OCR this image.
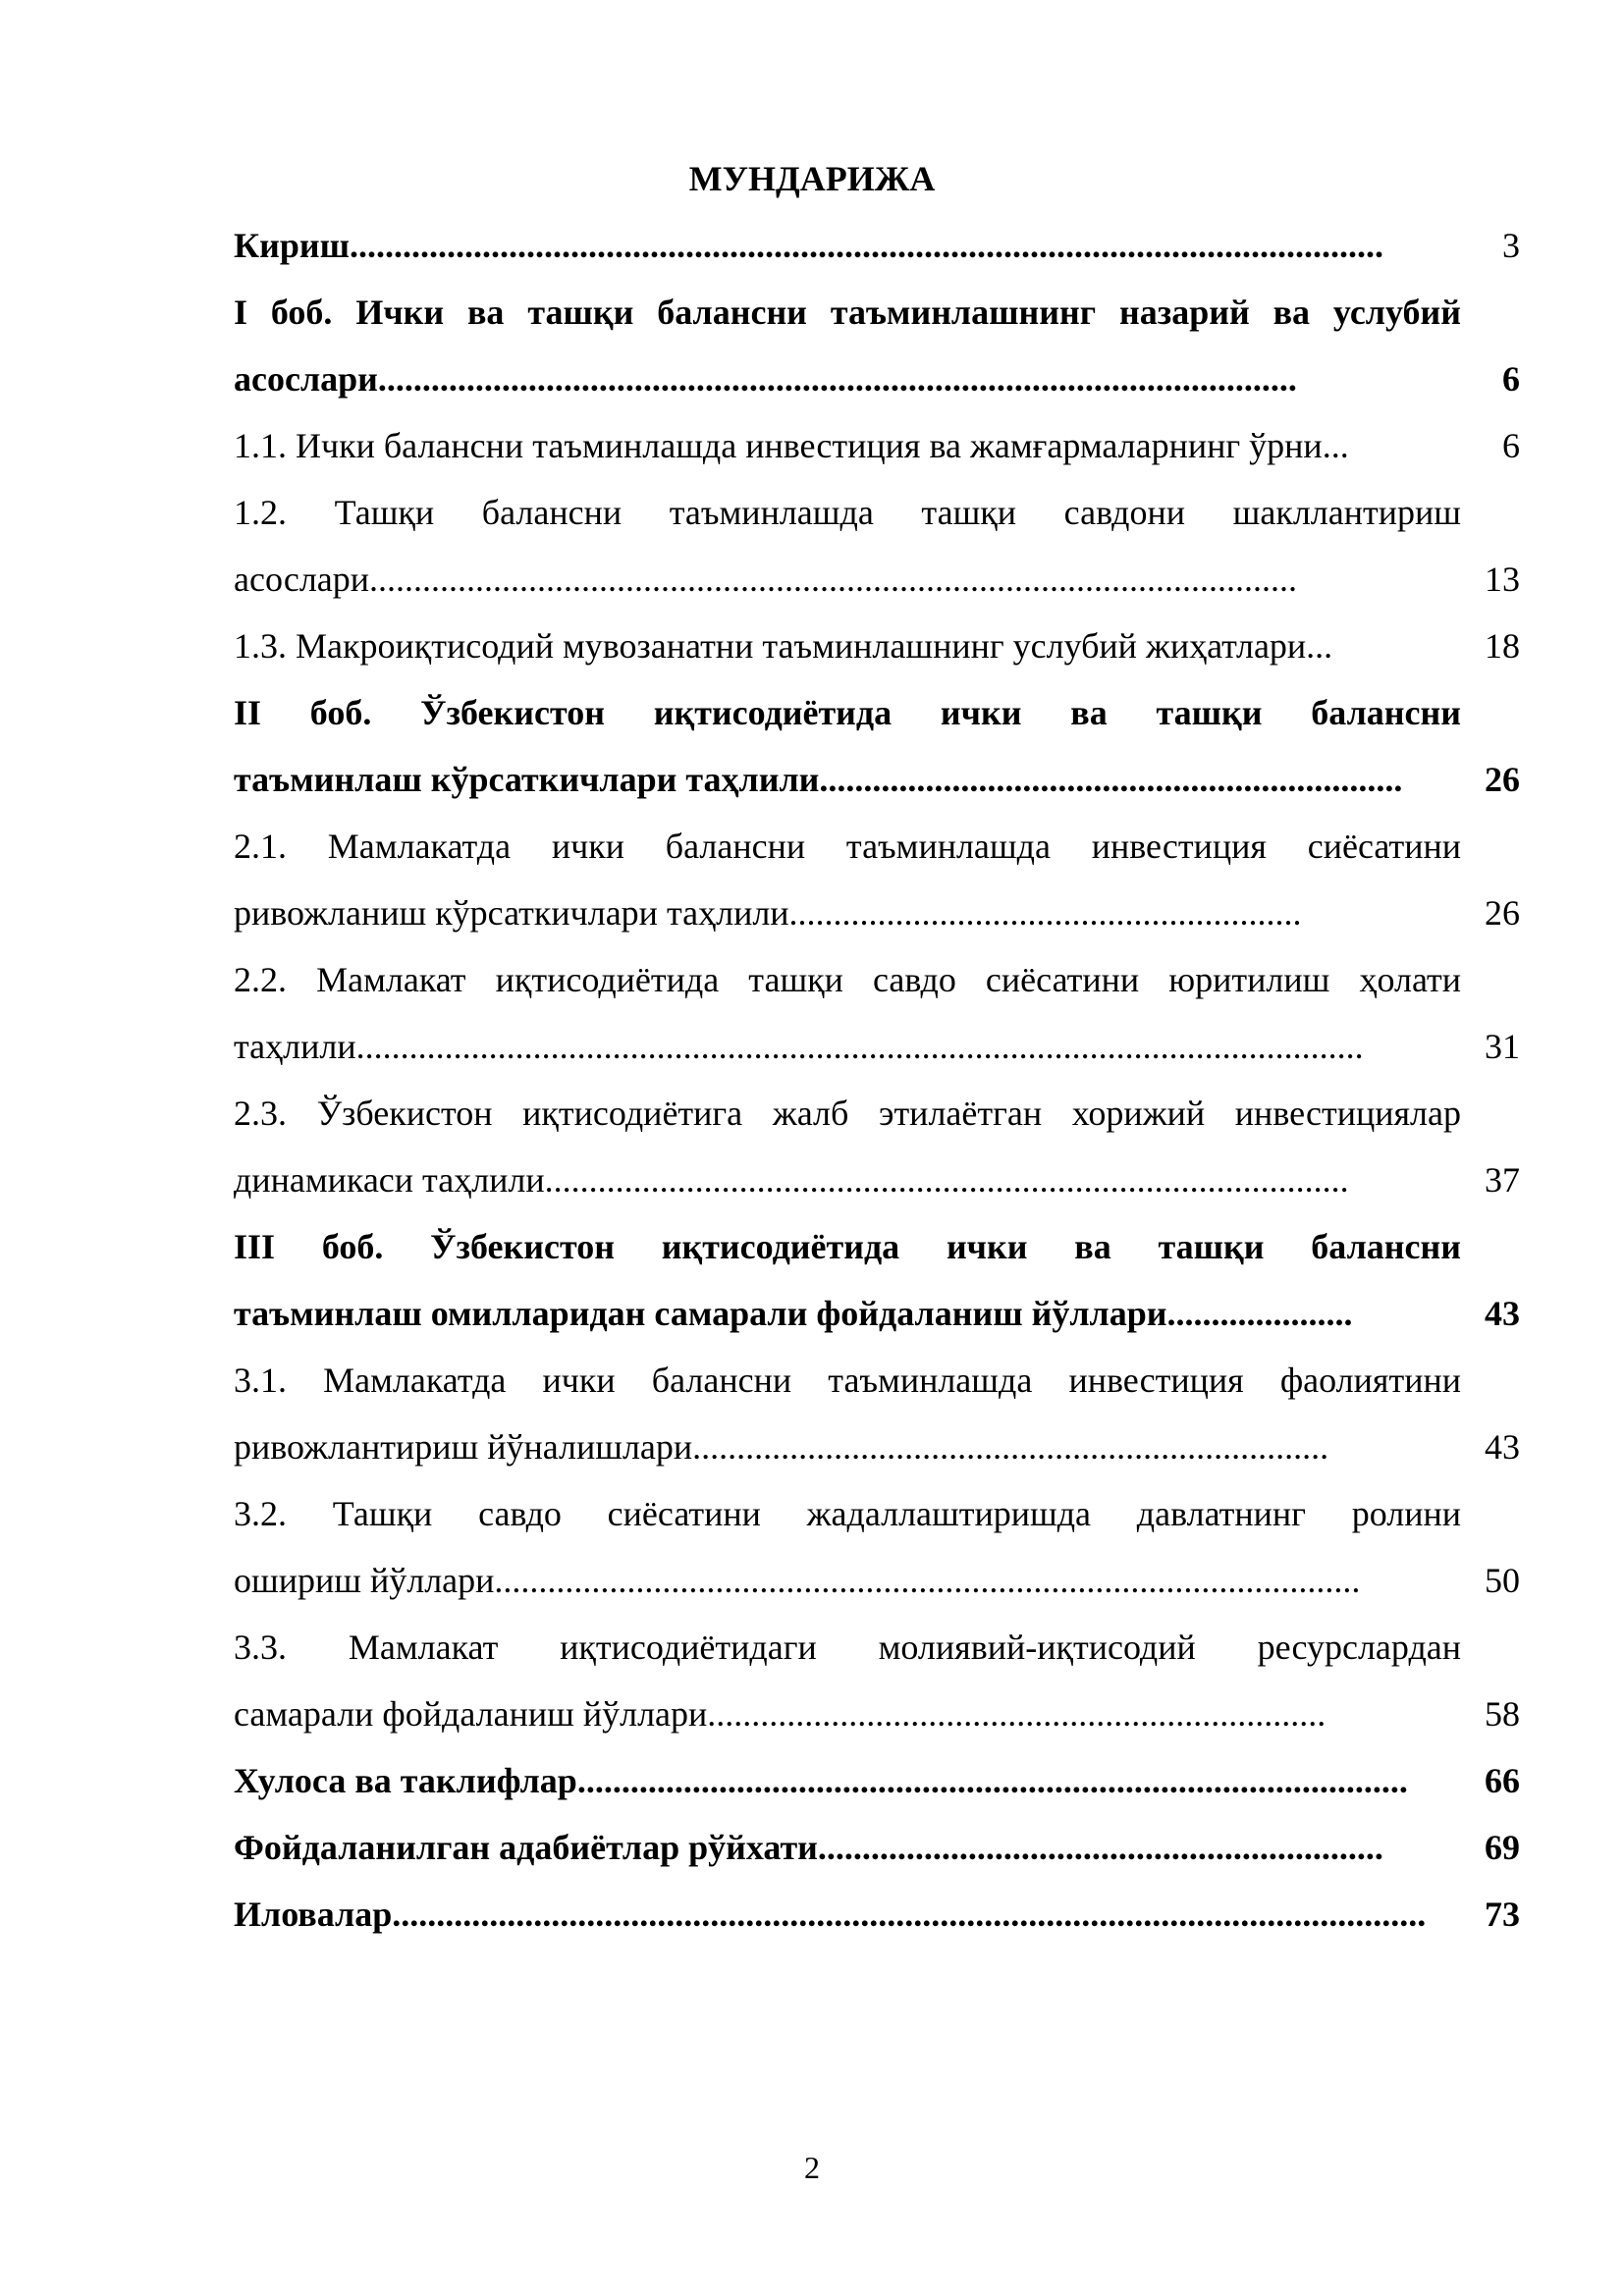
МУНДАРИЖА
Кириш.....................................................................................................................	3
I боб. Ички ва ташқи балансни таъминлашнинг назарий ва услубий
асослари........................................................................................................	6
1.1. Ички балансни таъминлашда инвестиция ва жамғармаларнинг ўрни...	6
1.2. Ташқи балансни таъминлашда ташқи савдони шакллантириш
асослари.........................................................................................................	13
1.3. Макроиқтисодий мувозанатни таъминлашнинг услубий жиҳатлари...	18
II боб. Ўзбекистон иқтисодиётида ички ва ташқи балансни
таъминлаш кўрсаткичлари таҳлили..................................................................	26
2.1. Мамлакатда ички балансни таъминлашда инвестиция сиёсатини
ривожланиш кўрсаткичлари таҳлили..........................................................	26
2.2. Мамлакат иқтисодиётида ташқи савдо сиёсатини юритилиш ҳолати
таҳлили..................................................................................................................	31
2.3. Ўзбекистон иқтисодиётига жалб этилаётган хорижий инвестициялар
динамикаси таҳлили...........................................................................................	37
III боб. Ўзбекистон иқтисодиётида ички ва ташқи балансни
таъминлаш омилларидан самарали фойдаланиш йўллари.....................	43
3.1. Мамлакатда ички балансни таъминлашда инвестиция фаолиятини
ривожлантириш йўналишлари........................................................................	43
3.2. Ташқи савдо сиёсатини жадаллаштиришда давлатнинг ролини
ошириш йўллари..................................................................................................	50
3.3. Мамлакат иқтисодиётидаги молиявий-иқтисодий ресурслардан
самарали фойдаланиш йўллари......................................................................	58
Хулоса ва таклифлар..............................................................................................	66
Фойдаланилган адабиётлар рўйхати................................................................	69
Иловалар.....................................................................................................................	73
2
